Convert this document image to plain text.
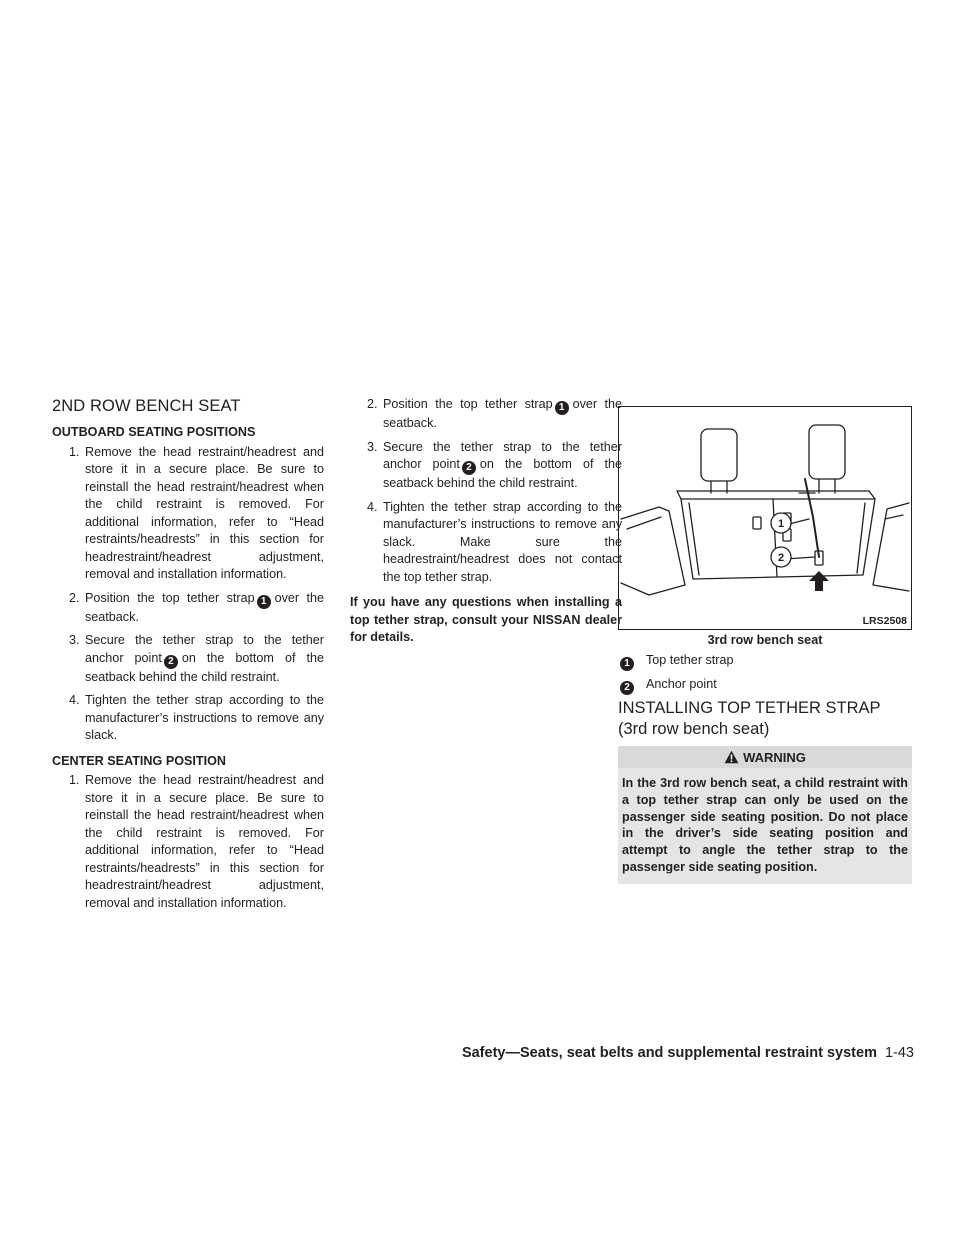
2ND ROW BENCH SEAT
OUTBOARD SEATING POSITIONS
1. Remove the head restraint/headrest and store it in a secure place. Be sure to reinstall the head restraint/headrest when the child restraint is removed. For additional information, refer to “Head restraints/headrests” in this section for headrestraint/headrest adjustment, removal and installation information.
2. Position the top tether strap 1 over the seatback.
3. Secure the tether strap to the tether anchor point 2 on the bottom of the seatback behind the child restraint.
4. Tighten the tether strap according to the manufacturer’s instructions to remove any slack.
CENTER SEATING POSITION
1. Remove the head restraint/headrest and store it in a secure place. Be sure to reinstall the head restraint/headrest when the child restraint is removed. For additional information, refer to “Head restraints/headrests” in this section for headrestraint/headrest adjustment, removal and installation information.
2. Position the top tether strap 1 over the seatback.
3. Secure the tether strap to the tether anchor point 2 on the bottom of the seatback behind the child restraint.
4. Tighten the tether strap according to the manufacturer’s instructions to remove any slack. Make sure the headrestraint/headrest does not contact the top tether strap.

If you have any questions when installing a top tether strap, consult your NISSAN dealer for details.

1
2
LRS2508
3rd row bench seat
1 Top tether strap
2 Anchor point
INSTALLING TOP TETHER STRAP
(3rd row bench seat)
WARNING
In the 3rd row bench seat, a child restraint with a top tether strap can only be used on the passenger side seating position. Do not place in the driver’s side seating position and attempt to angle the tether strap to the passenger side seating position.
Safety—Seats, seat belts and supplemental restraint system 1-43
